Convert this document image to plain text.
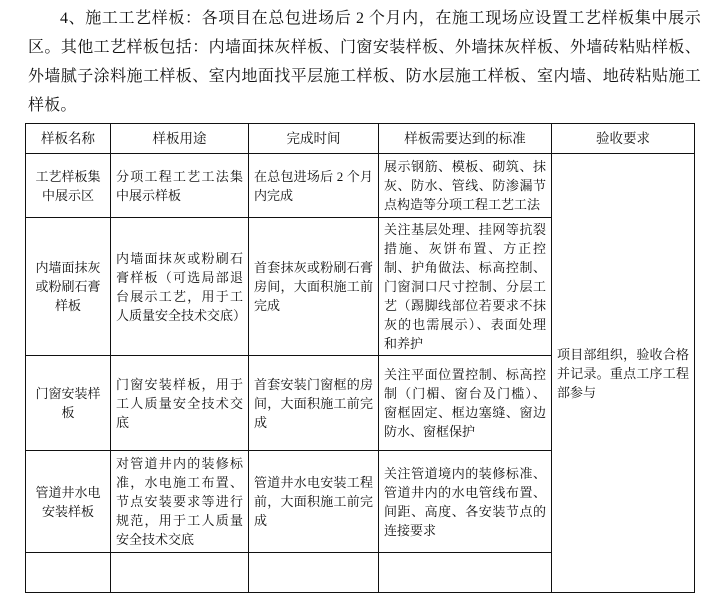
4、施工工艺样板：各项目在总包进场后 2 个月内，在施工现场应设置工艺样板集中展示区。其他工艺样板包括：内墙面抹灰样板、门窗安装样板、外墙抹灰样板、外墙砖粘贴样板、外墙腻子涂料施工样板、室内地面找平层施工样板、防水层施工样板、室内墙、地砖粘贴施工样板。

样板名称	样板用途	完成时间	样板需要达到的标准	验收要求
工艺样板集中展示区	分项工程工艺工法集中展示样板	在总包进场后 2 个月内完成	展示钢筋、模板、砌筑、抹灰、防水、管线、防渗漏节点构造等分项工程工艺工法	项目部组织，验收合格并记录。重点工序工程部参与
内墙面抹灰或粉刷石膏样板	内墙面抹灰或粉刷石膏样板（可选局部退台展示工艺，用于工人质量安全技术交底）	首套抹灰或粉刷石膏房间，大面积施工前完成	关注基层处理、挂网等抗裂措施、灰饼布置、方正控制、护角做法、标高控制、门窗洞口尺寸控制、分层工艺（踢脚线部位若要求不抹灰的也需展示）、表面处理和养护	
门窗安装样板	门窗安装样板，用于工人质量安全技术交底	首套安装门窗框的房间，大面积施工前完成	关注平面位置控制、标高控制（门楣、窗台及门槛）、窗框固定、框边塞缝、窗边防水、窗框保护	
管道井水电安装样板	对管道井内的装修标准，水电施工布置、节点安装要求等进行规范，用于工人质量安全技术交底	管道井水电安装工程前，大面积施工前完成	关注管道境内的装修标准、管道井内的水电管线布置、间距、高度、各安装节点的连接要求	
